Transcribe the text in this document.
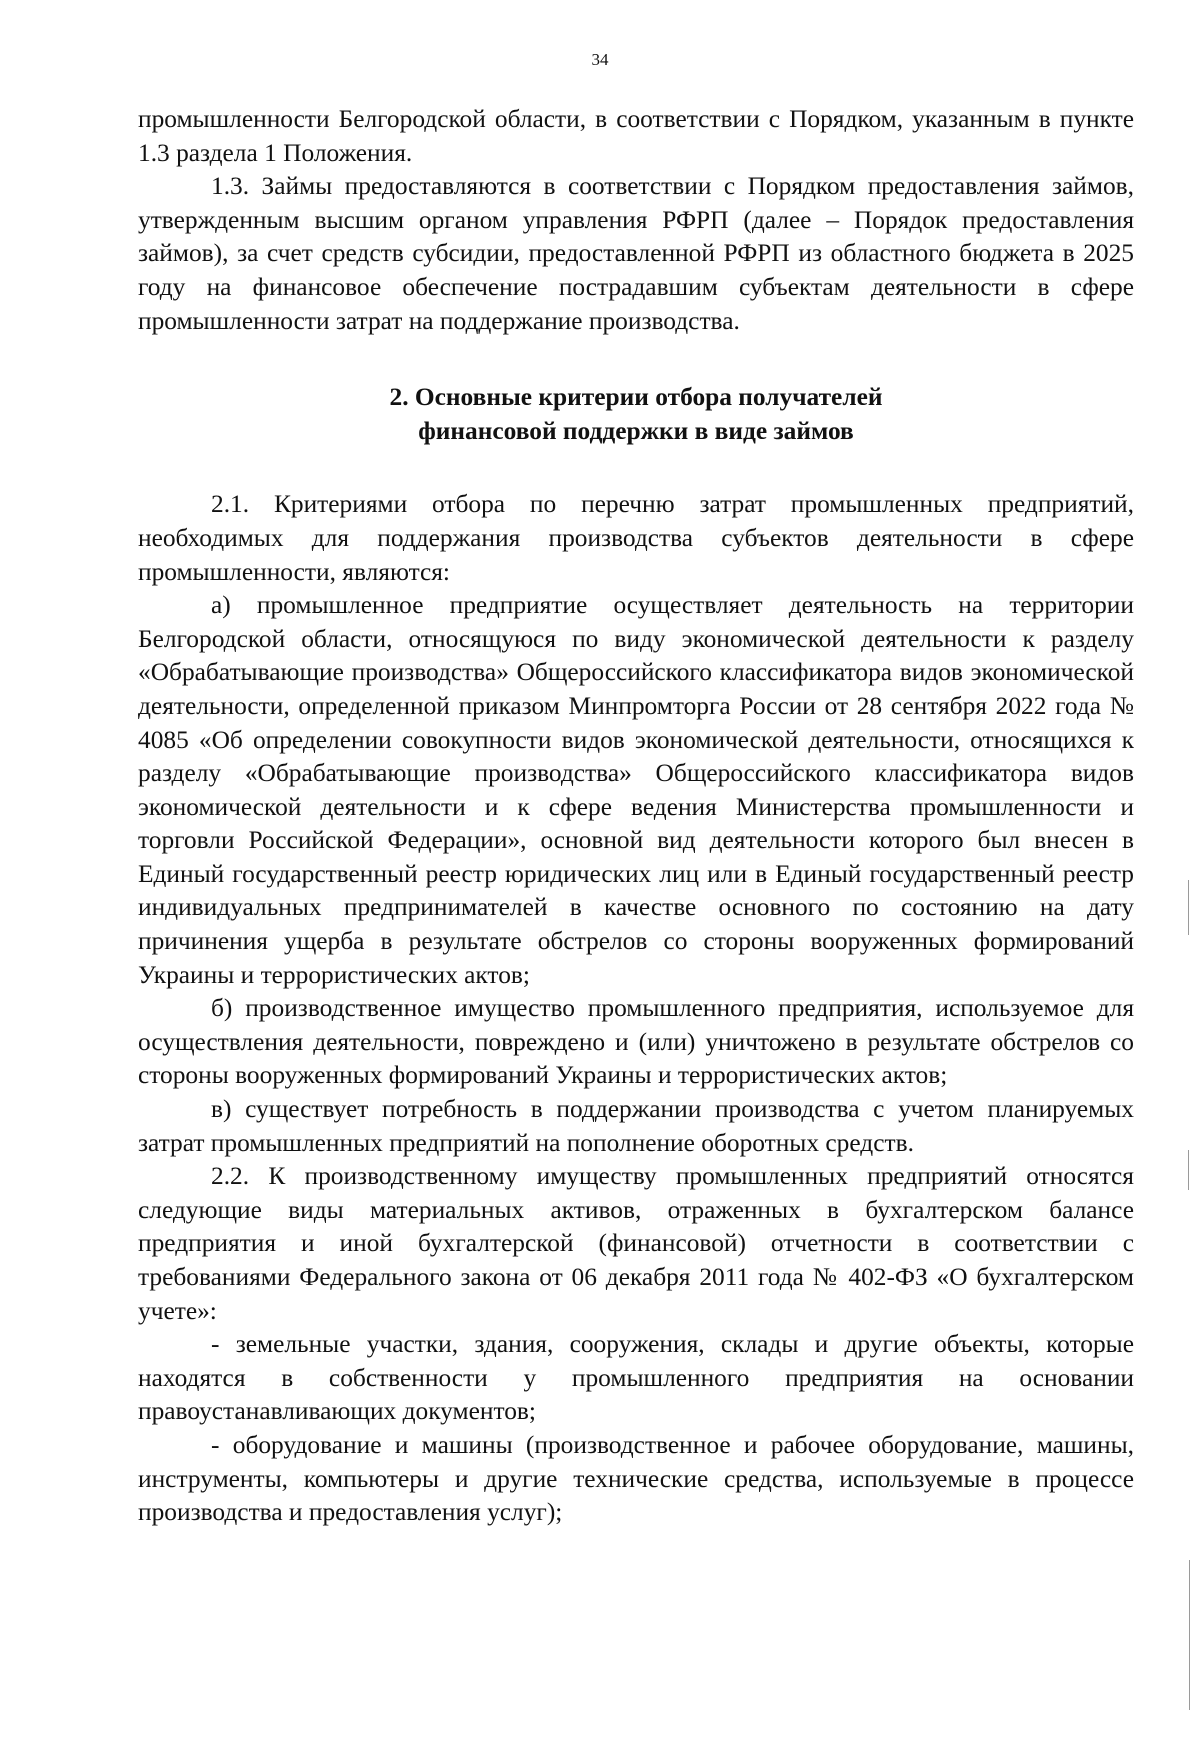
34

промышленности Белгородской области, в соответствии с Порядком, указанным в пункте 1.3 раздела 1 Положения.

1.3. Займы предоставляются в соответствии с Порядком предоставления займов, утвержденным высшим органом управления РФРП (далее – Порядок предоставления займов), за счет средств субсидии, предоставленной РФРП из областного бюджета в 2025 году на финансовое обеспечение пострадавшим субъектам деятельности в сфере промышленности затрат на поддержание производства.

2. Основные критерии отбора получателей
финансовой поддержки в виде займов

2.1. Критериями отбора по перечню затрат промышленных предприятий, необходимых для поддержания производства субъектов деятельности в сфере промышленности, являются:

а) промышленное предприятие осуществляет деятельность на территории Белгородской области, относящуюся по виду экономической деятельности к разделу «Обрабатывающие производства» Общероссийского классификатора видов экономической деятельности, определенной приказом Минпромторга России от 28 сентября 2022 года № 4085 «Об определении совокупности видов экономической деятельности, относящихся к разделу «Обрабатывающие производства» Общероссийского классификатора видов экономической деятельности и к сфере ведения Министерства промышленности и торговли Российской Федерации», основной вид деятельности которого был внесен в Единый государственный реестр юридических лиц или в Единый государственный реестр индивидуальных предпринимателей в качестве основного по состоянию на дату причинения ущерба в результате обстрелов со стороны вооруженных формирований Украины и террористических актов;

б) производственное имущество промышленного предприятия, используемое для осуществления деятельности, повреждено и (или) уничтожено в результате обстрелов со стороны вооруженных формирований Украины и террористических актов;

в) существует потребность в поддержании производства с учетом планируемых затрат промышленных предприятий на пополнение оборотных средств.

2.2. К производственному имуществу промышленных предприятий относятся следующие виды материальных активов, отраженных в бухгалтерском балансе предприятия и иной бухгалтерской (финансовой) отчетности в соответствии с требованиями Федерального закона от 06 декабря 2011 года № 402-ФЗ «О бухгалтерском учете»:

- земельные участки, здания, сооружения, склады и другие объекты, которые находятся в собственности у промышленного предприятия на основании правоустанавливающих документов;

- оборудование и машины (производственное и рабочее оборудование, машины, инструменты, компьютеры и другие технические средства, используемые в процессе производства и предоставления услуг);
